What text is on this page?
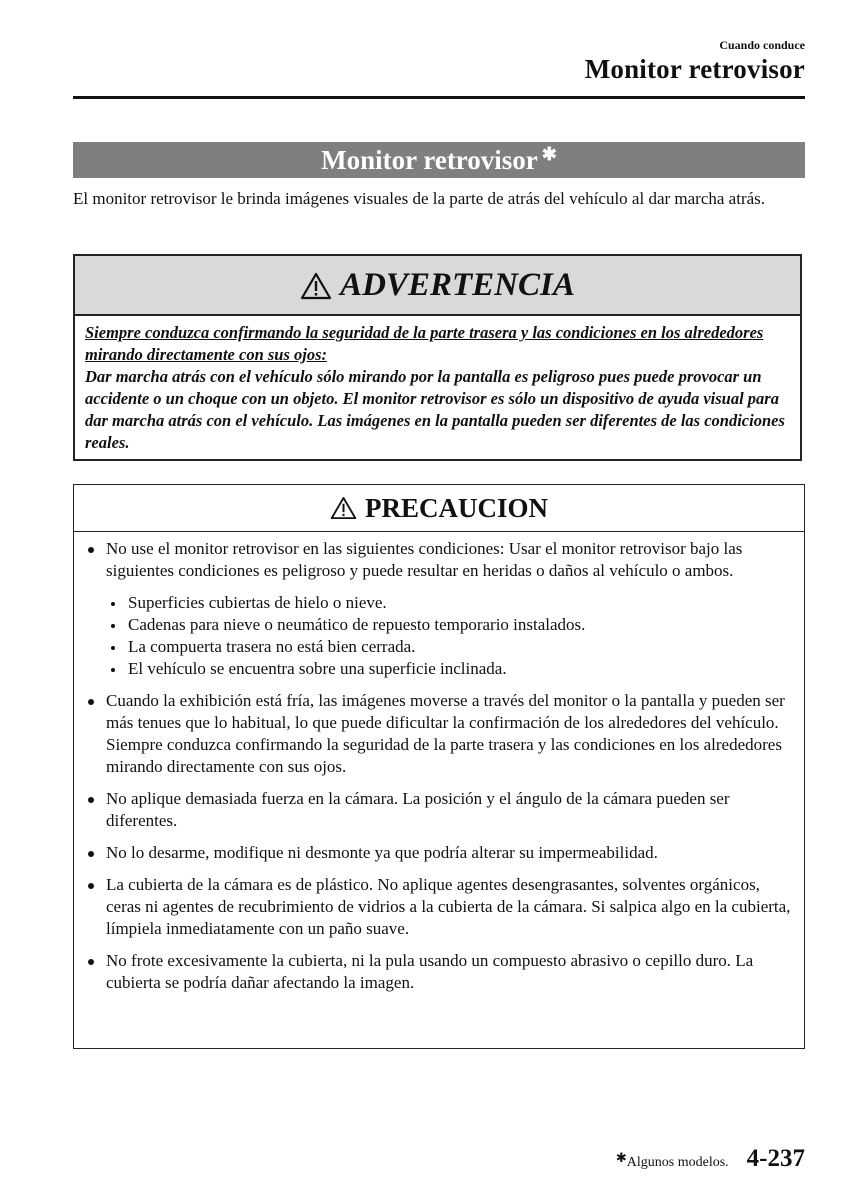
Cuando conduce
Monitor retrovisor
Monitor retrovisor ✱
El monitor retrovisor le brinda imágenes visuales de la parte de atrás del vehículo al dar marcha atrás.
ADVERTENCIA
Siempre conduzca confirmando la seguridad de la parte trasera y las condiciones en los alrededores mirando directamente con sus ojos:
Dar marcha atrás con el vehículo sólo mirando por la pantalla es peligroso pues puede provocar un accidente o un choque con un objeto. El monitor retrovisor es sólo un dispositivo de ayuda visual para dar marcha atrás con el vehículo. Las imágenes en la pantalla pueden ser diferentes de las condiciones reales.
PRECAUCION
No use el monitor retrovisor en las siguientes condiciones: Usar el monitor retrovisor bajo las siguientes condiciones es peligroso y puede resultar en heridas o daños al vehículo o ambos.
Superficies cubiertas de hielo o nieve.
Cadenas para nieve o neumático de repuesto temporario instalados.
La compuerta trasera no está bien cerrada.
El vehículo se encuentra sobre una superficie inclinada.
Cuando la exhibición está fría, las imágenes moverse a través del monitor o la pantalla y pueden ser más tenues que lo habitual, lo que puede dificultar la confirmación de los alrededores del vehículo. Siempre conduzca confirmando la seguridad de la parte trasera y las condiciones en los alrededores mirando directamente con sus ojos.
No aplique demasiada fuerza en la cámara. La posición y el ángulo de la cámara pueden ser diferentes.
No lo desarme, modifique ni desmonte ya que podría alterar su impermeabilidad.
La cubierta de la cámara es de plástico. No aplique agentes desengrasantes, solventes orgánicos, ceras ni agentes de recubrimiento de vidrios a la cubierta de la cámara. Si salpica algo en la cubierta, límpiela inmediatamente con un paño suave.
No frote excesivamente la cubierta, ni la pula usando un compuesto abrasivo o cepillo duro. La cubierta se podría dañar afectando la imagen.
✱Algunos modelos. 4-237
